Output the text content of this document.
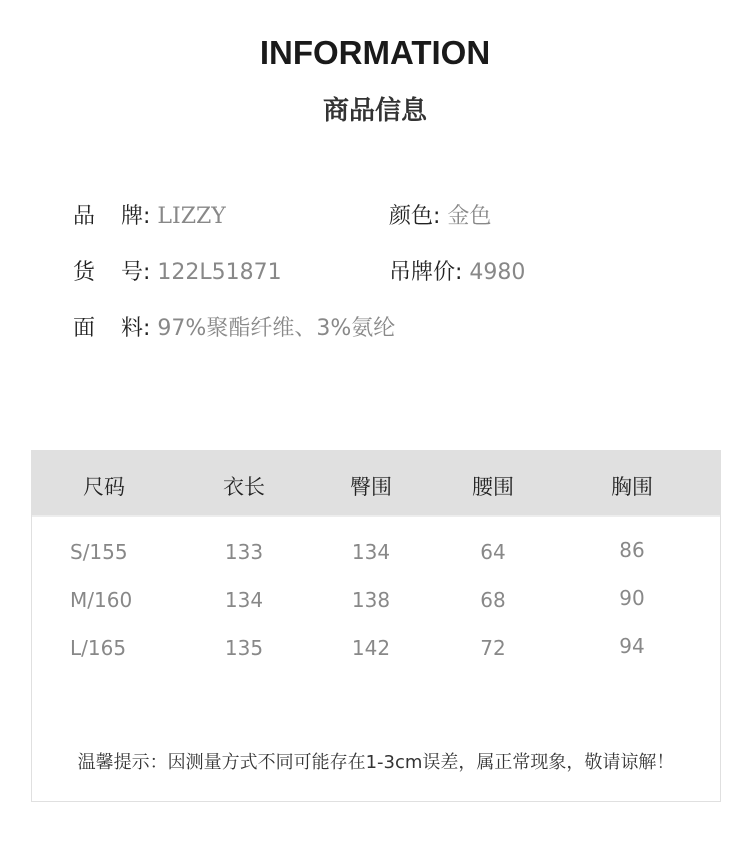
INFORMATION
商品信息
品 牌: LIZZY	颜色: 金色
货 号: 122L51871	吊牌价: 4980
面 料: 97%聚酯纤维、3%氨纶
尺码	衣长	臀围	腰围	胸围
S/155	133	134	64	86
M/160	134	138	68	90
L/165	135	142	72	94
温馨提示：因测量方式不同可能存在1-3cm误差，属正常现象，敬请谅解！
